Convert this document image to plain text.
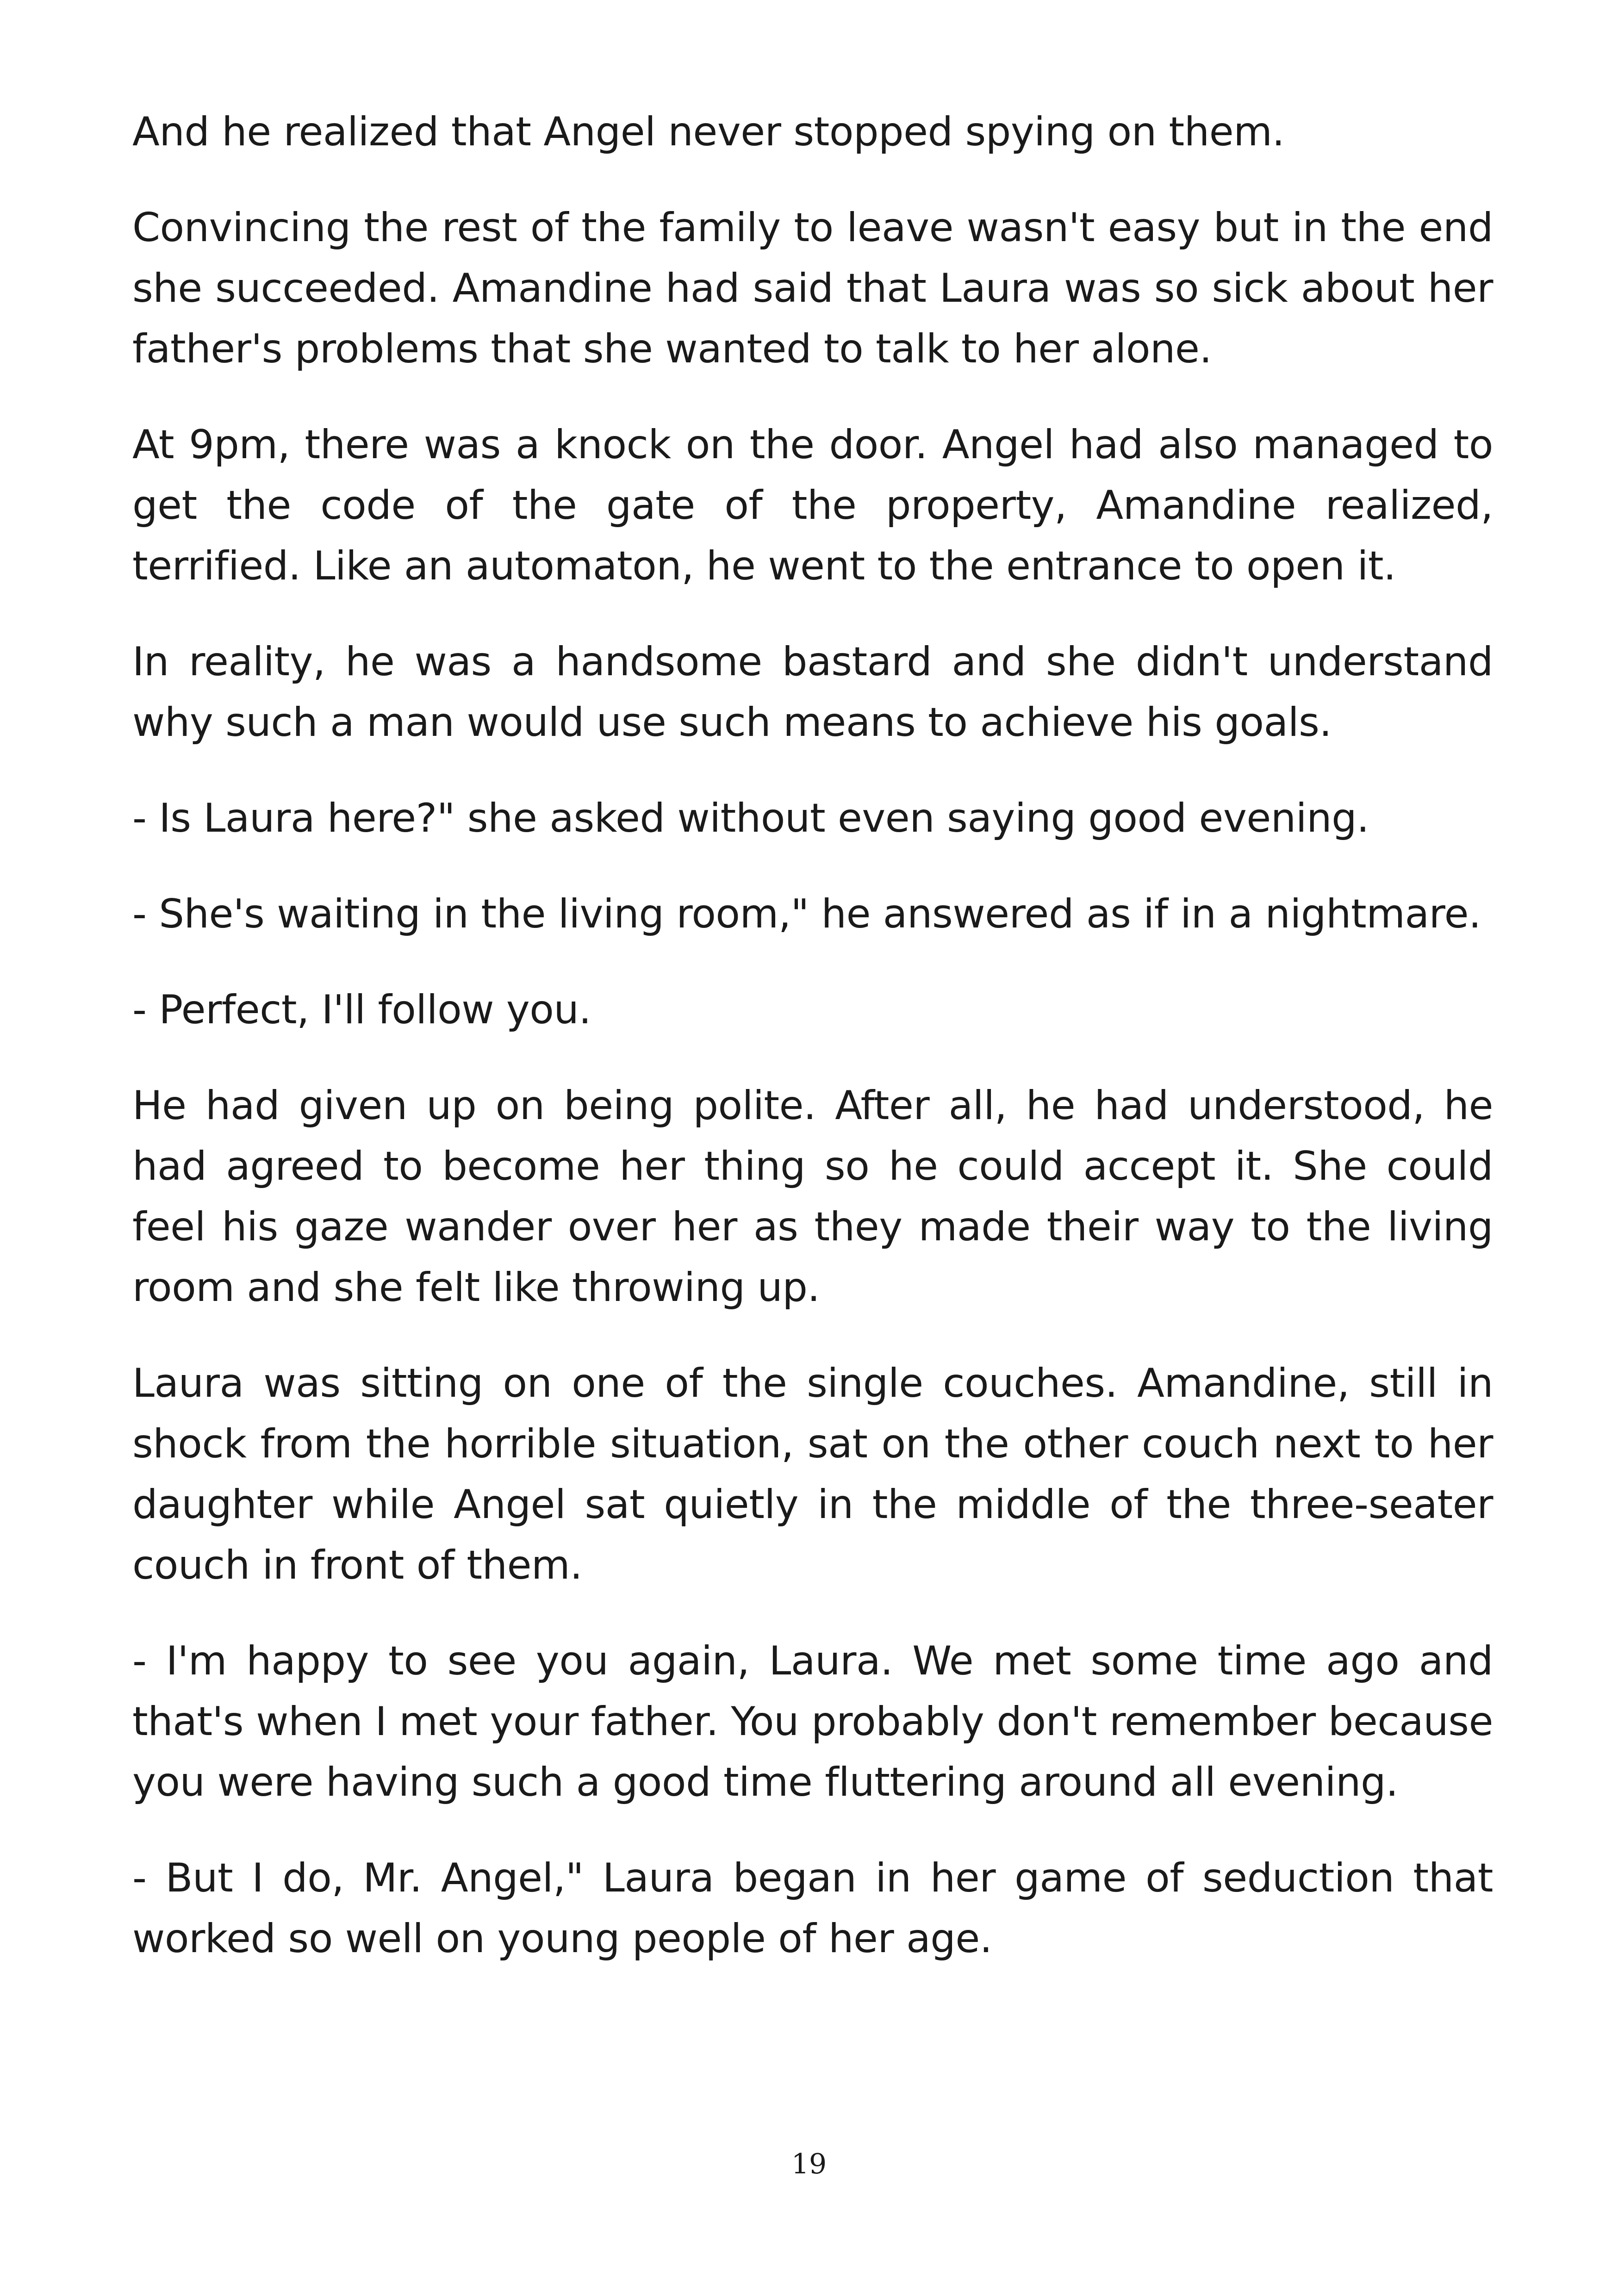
And he realized that Angel never stopped spying on them.

Convincing the rest of the family to leave wasn't easy but in the end she succeeded. Amandine had said that Laura was so sick about her father's problems that she wanted to talk to her alone.

At 9pm, there was a knock on the door. Angel had also managed to get the code of the gate of the property, Amandine realized, terrified. Like an automaton, he went to the entrance to open it.

In reality, he was a handsome bastard and she didn't understand why such a man would use such means to achieve his goals.

- Is Laura here?" she asked without even saying good evening.

- She's waiting in the living room," he answered as if in a nightmare.

- Perfect, I'll follow you.

He had given up on being polite. After all, he had understood, he had agreed to become her thing so he could accept it. She could feel his gaze wander over her as they made their way to the living room and she felt like throwing up.

Laura was sitting on one of the single couches. Amandine, still in shock from the horrible situation, sat on the other couch next to her daughter while Angel sat quietly in the middle of the three-seater couch in front of them.

- I'm happy to see you again, Laura. We met some time ago and that's when I met your father. You probably don't remember because you were having such a good time fluttering around all evening.

- But I do, Mr. Angel," Laura began in her game of seduction that worked so well on young people of her age.

19
